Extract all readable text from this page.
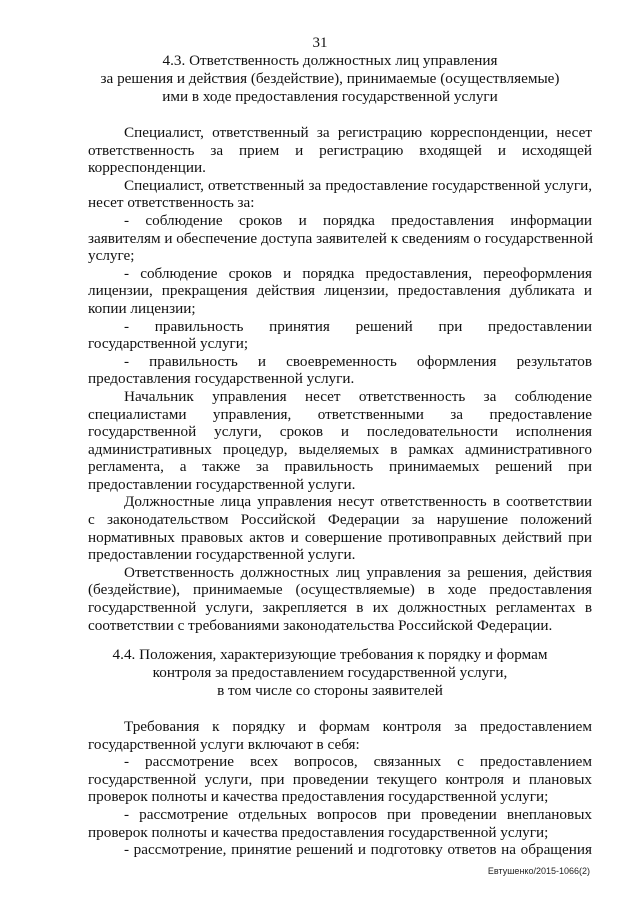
31
4.3. Ответственность должностных лиц управления
за решения и действия (бездействие), принимаемые (осуществляемые)
ими в ходе предоставления государственной услуги
Специалист, ответственный за регистрацию корреспонденции, несет
ответственность за прием и регистрацию входящей и исходящей
корреспонденции.
Специалист, ответственный за предоставление государственной услуги,
несет ответственность за:
- соблюдение сроков и порядка предоставления информации
заявителям и обеспечение доступа заявителей к сведениям о государственной
услуге;
- соблюдение сроков и порядка предоставления, переоформления
лицензии, прекращения действия лицензии, предоставления дубликата и
копии лицензии;
- правильность принятия решений при предоставлении
государственной услуги;
- правильность и своевременность оформления результатов
предоставления государственной услуги.
Начальник управления несет ответственность за соблюдение
специалистами управления, ответственными за предоставление
государственной услуги, сроков и последовательности исполнения
административных процедур, выделяемых в рамках административного
регламента, а также за правильность принимаемых решений при
предоставлении государственной услуги.
Должностные лица управления несут ответственность в соответствии
с законодательством Российской Федерации за нарушение положений
нормативных правовых актов и совершение противоправных действий при
предоставлении государственной услуги.
Ответственность должностных лиц управления за решения, действия
(бездействие), принимаемые (осуществляемые) в ходе предоставления
государственной услуги, закрепляется в их должностных регламентах в
соответствии с требованиями законодательства Российской Федерации.
4.4. Положения, характеризующие требования к порядку и формам
контроля за предоставлением государственной услуги,
в том числе со стороны заявителей
Требования к порядку и формам контроля за предоставлением
государственной услуги включают в себя:
- рассмотрение всех вопросов, связанных с предоставлением
государственной услуги, при проведении текущего контроля и плановых
проверок полноты и качества предоставления государственной услуги;
- рассмотрение отдельных вопросов при проведении внеплановых
проверок полноты и качества предоставления государственной услуги;
- рассмотрение, принятие решений и подготовку ответов на обращения
Евтушенко/2015-1066(2)
